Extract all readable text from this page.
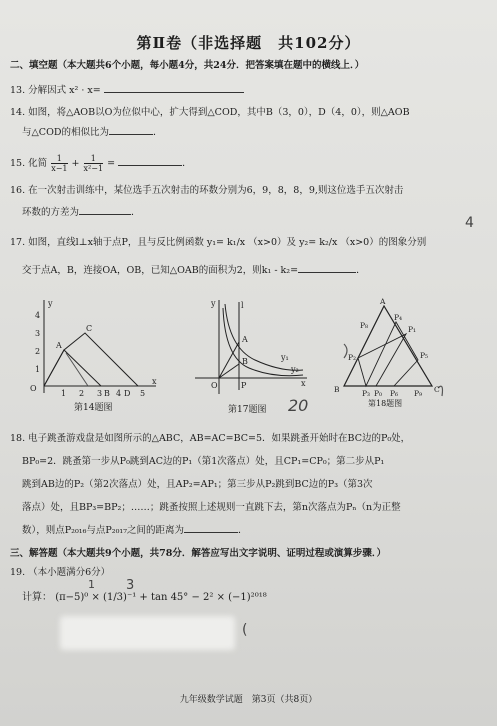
第Ⅱ卷（非选择题　共102分）
二、填空题（本大题共6个小题，每小题4分，共24分．把答案填在题中的横线上．）
13. 分解因式 x² · x=
14. 如图，将△AOB以O为位似中心，扩大得到△COD，其中B（3，0），D（4，0），则△AOB
与△COD的相似比为	．
15. 化简 $\frac{1}{x-1} + \frac{1}{\text{x²−1}}$ =	．
16. 在一次射击训练中，某位选手五次射击的环数分别为6，9，8，8，9,则这位选手五次射击
环数的方差为	．
4
17. 如图，直线l⊥x轴于点P，且与反比例函数 y₁= k₁/x （x>0）及 y₂= k₂/x （x>0）的图象分别
交于点A，B，连接OA，OB，已知△OAB的面积为2，则k₁ - k₂=	．
O
1
2
3
4
y
A
C
1 2 3 B 4 D 5
x
第14题图
y	l
A
B
O	P	x
y₁
y₂
第17题图 20
A
B	C
P₀
P₁
P₂
P₃
P₄
P₅
P₆
P₈
P₉
第18题图
18. 电子跳蚤游戏盘是如图所示的△ABC，AB=AC=BC=5．如果跳蚤开始时在BC边的P₀处，
BP₀=2．跳蚤第一步从P₀跳到AC边的P₁（第1次落点）处，且CP₁=CP₀；第二步从P₁
跳到AB边的P₂（第2次落点）处，且AP₂=AP₁；第三步从P₂跳到BC边的P₃（第3次
落点）处，且BP₃=BP₂；……；跳蚤按照上述规则一直跳下去，第n次落点为Pₙ（n为正整
数），则点P₂₀₁₆与点P₂₀₁₇之间的距离为	．
三、解答题（本大题共9个小题，共78分．解答应写出文字说明、证明过程或演算步骤．）
19. （本小题满分6分）
1 3
计算： (π−5)⁰ × (1/3)⁻¹ + tan 45° − 2² × (−1)²⁰¹⁸
(
九年级数学试题　第3页（共8页）
